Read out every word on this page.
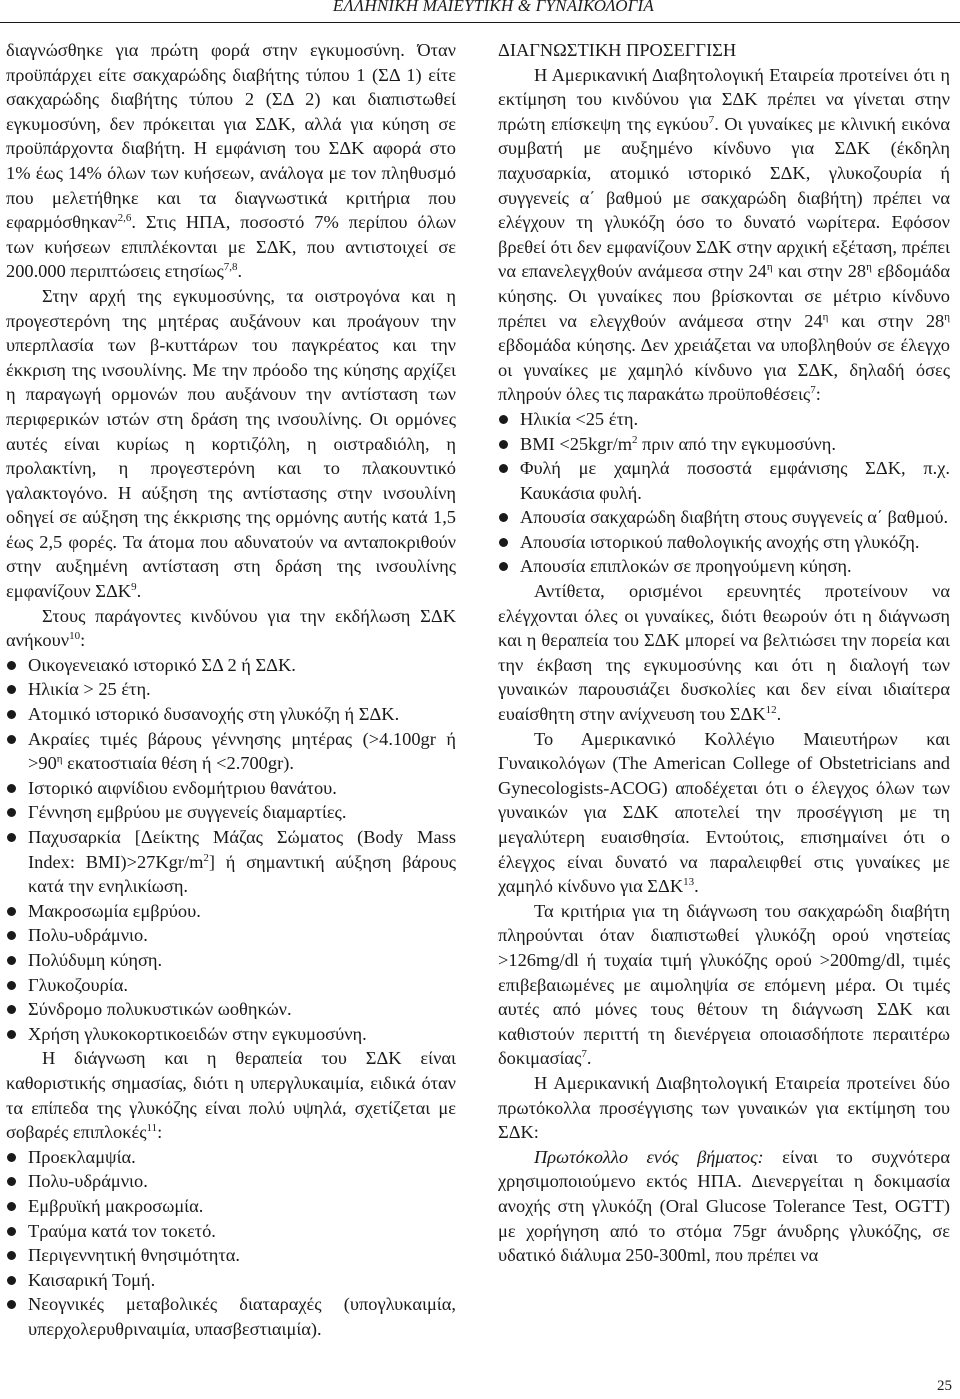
ΕΛΛΗΝΙΚΗ ΜΑΙΕΥΤΙΚΗ & ΓΥΝΑΙΚΟΛΟΓΙΑ

διαγνώσθηκε για πρώτη φορά στην εγκυμοσύνη. Όταν προϋπάρχει είτε σακχαρώδης διαβήτης τύπου 1 (ΣΔ 1) είτε σακχαρώδης διαβήτης τύπου 2 (ΣΔ 2) και διαπιστωθεί εγκυμοσύνη, δεν πρόκειται για ΣΔΚ, αλλά για κύηση σε προϋπάρχοντα διαβήτη. Η εμφάνιση του ΣΔΚ αφορά στο 1% έως 14% όλων των κυήσεων, ανάλογα με τον πληθυσμό που μελετήθηκε και τα διαγνωστικά κριτήρια που εφαρμόσθηκαν$^{2,6}$. Στις ΗΠΑ, ποσοστό 7% περίπου όλων των κυήσεων επιπλέκονται με ΣΔΚ, που αντιστοιχεί σε 200.000 περιπτώσεις ετησίως$^{7,8}$.

Στην αρχή της εγκυμοσύνης, τα οιστρογόνα και η προγεστερόνη της μητέρας αυξάνουν και προάγουν την υπερπλασία των β-κυττάρων του παγκρέατος και την έκκριση της ινσουλίνης. Με την πρόοδο της κύησης αρχίζει η παραγωγή ορμονών που αυξάνουν την αντίσταση των περιφερικών ιστών στη δράση της ινσουλίνης. Οι ορμόνες αυτές είναι κυρίως η κορτιζόλη, η οιστραδιόλη, η προλακτίνη, η προγεστερόνη και το πλακουντικό γαλακτογόνο. Η αύξηση της αντίστασης στην ινσουλίνη οδηγεί σε αύξηση της έκκρισης της ορμόνης αυτής κατά 1,5 έως 2,5 φορές. Τα άτομα που αδυνατούν να ανταποκριθούν στην αυξημένη αντίσταση στη δράση της ινσουλίνης εμφανίζουν ΣΔΚ$^9$.

Στους παράγοντες κινδύνου για την εκδήλωση ΣΔΚ ανήκουν$^{10}$:

Οικογενειακό ιστορικό ΣΔ 2 ή ΣΔΚ.
Ηλικία > 25 έτη.
Ατομικό ιστορικό δυσανοχής στη γλυκόζη ή ΣΔΚ.
Ακραίες τιμές βάρους γέννησης μητέρας (>4.100gr $ή >90^\eta$ εκατοστιαία θέση ή <2.700gr).
Ιστορικό αιφνίδιου ενδομήτριου θανάτου.
Γέννηση εμβρύου με συγγενείς διαμαρτίες.
Παχυσαρκία [Δείκτης Μάζας Σώματος (Body Mass Index: $BMI)>27Kgr/m^2$] ή σημαντική αύξηση βάρους κατά την ενηλικίωση.
Μακροσωμία εμβρύου.
Πολυ-υδράμνιο.
Πολύδυμη κύηση.
Γλυκοζουρία.
Σύνδρομο πολυκυστικών ωοθηκών.
Χρήση γλυκοκορτικοειδών στην εγκυμοσύνη.

Η διάγνωση και η θεραπεία του ΣΔΚ είναι καθοριστικής σημασίας, διότι η υπεργλυκαιμία, ειδικά όταν τα επίπεδα της γλυκόζης είναι πολύ υψηλά, σχετίζεται με σοβαρές επιπλοκές$^{11}$:

Προεκλαμψία.
Πολυ-υδράμνιο.
Εμβρυϊκή μακροσωμία.
Τραύμα κατά τον τοκετό.
Περιγεννητική θνησιμότητα.
Καισαρική Τομή.
Νεογνικές μεταβολικές διαταραχές (υπογλυκαιμία, υπερχολερυθριναιμία, υπασβεστιαιμία).
ΔΙΑΓΝΩΣΤΙΚΗ ΠΡΟΣΕΓΓΙΣΗ

Η Αμερικανική Διαβητολογική Εταιρεία προτείνει ότι η εκτίμηση του κινδύνου για ΣΔΚ πρέπει να γίνεται στην πρώτη επίσκεψη της εγκύου$^7$. Οι γυναίκες με κλινική εικόνα συμβατή με αυξημένο κίνδυνο για ΣΔΚ (έκδηλη παχυσαρκία, ατομικό ιστορικό ΣΔΚ, γλυκοζουρία ή συγγενείς α΄ βαθμού με σακχαρώδη διαβήτη) πρέπει να ελέγχουν τη γλυκόζη όσο το δυνατό νωρίτερα. Εφόσον βρεθεί ότι δεν εμφανίζουν ΣΔΚ στην αρχική εξέταση, πρέπει να επανελεγχθούν ανάμεσα στην $24^\eta$ και στην $28^\eta$ εβδομάδα κύησης. Οι γυναίκες που βρίσκονται σε μέτριο κίνδυνο πρέπει να ελεγχθούν ανάμεσα στην $24^\eta$ και στην $28^\eta$ εβδομάδα κύησης. Δεν χρειάζεται να υποβληθούν σε έλεγχο οι γυναίκες με χαμηλό κίνδυνο για ΣΔΚ, δηλαδή όσες πληρούν όλες τις παρακάτω προϋποθέσεις$^7$:

Ηλικία <25 έτη.
BMI $<25kgr/m^2$ πριν από την εγκυμοσύνη.
Φυλή με χαμηλά ποσοστά εμφάνισης ΣΔΚ, π.χ. Καυκάσια φυλή.
Απουσία σακχαρώδη διαβήτη στους συγγενείς α΄ βαθμού.
Απουσία ιστορικού παθολογικής ανοχής στη γλυκόζη.
Απουσία επιπλοκών σε προηγούμενη κύηση.

Αντίθετα, ορισμένοι ερευνητές προτείνουν να ελέγχονται όλες οι γυναίκες, διότι θεωρούν ότι η διάγνωση και η θεραπεία του ΣΔΚ μπορεί να βελτιώσει την πορεία και την έκβαση της εγκυμοσύνης και ότι η διαλογή των γυναικών παρουσιάζει δυσκολίες και δεν είναι ιδιαίτερα ευαίσθητη στην ανίχνευση του ΣΔΚ$^{12}$.

Το Αμερικανικό Κολλέγιο Μαιευτήρων και Γυναικολόγων (The American College of Obstetricians and Gynecologists-ACOG) αποδέχεται ότι ο έλεγχος όλων των γυναικών για ΣΔΚ αποτελεί την προσέγγιση με τη μεγαλύτερη ευαισθησία. Εντούτοις, επισημαίνει ότι ο έλεγχος είναι δυνατό να παραλειφθεί στις γυναίκες με χαμηλό κίνδυνο για ΣΔΚ$^{13}$.

Τα κριτήρια για τη διάγνωση του σακχαρώδη διαβήτη πληρούνται όταν διαπιστωθεί γλυκόζη ορού νηστείας >126mg/dl ή τυχαία τιμή γλυκόζης ορού >200mg/dl, τιμές επιβεβαιωμένες με αιμοληψία σε επόμενη μέρα. Οι τιμές αυτές από μόνες τους θέτουν τη διάγνωση ΣΔΚ και καθιστούν περιττή τη διενέργεια οποιασδήποτε περαιτέρω δοκιμασίας$^7$.

Η Αμερικανική Διαβητολογική Εταιρεία προτείνει δύο πρωτόκολλα προσέγγισης των γυναικών για εκτίμηση του ΣΔΚ:

Πρωτόκολλο ενός βήματος: είναι το συχνότερα χρησιμοποιούμενο εκτός ΗΠΑ. Διενεργείται η δοκιμασία ανοχής στη γλυκόζη (Oral Glucose Tolerance Test, OGTT) με χορήγηση από το στόμα 75gr άνυδρης γλυκόζης, σε υδατικό διάλυμα 250-300ml, που πρέπει να

25
